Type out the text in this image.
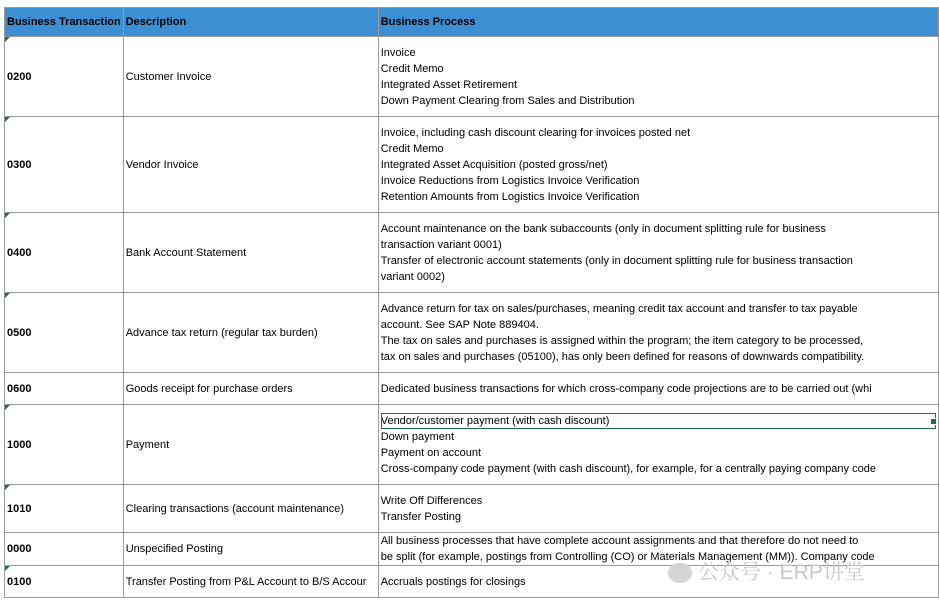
Business Transaction	Description	Business Process

0200	Customer Invoice	Invoice
Credit Memo
Integrated Asset Retirement
Down Payment Clearing from Sales and Distribution

0300	Vendor Invoice	Invoice, including cash discount clearing for invoices posted net
Credit Memo
Integrated Asset Acquisition (posted gross/net)
Invoice Reductions from Logistics Invoice Verification
Retention Amounts from Logistics Invoice Verification

0400	Bank Account Statement	Account maintenance on the bank subaccounts (only in document splitting rule for business
transaction variant 0001)
Transfer of electronic account statements (only in document splitting rule for business transaction
variant 0002)

0500	Advance tax return (regular tax burden)	Advance return for tax on sales/purchases, meaning credit tax account and transfer to tax payable
account. See SAP Note 889404.
The tax on sales and purchases is assigned within the program; the item category to be processed,
tax on sales and purchases (05100), has only been defined for reasons of downwards compatibility.

0600	Goods receipt for purchase orders	Dedicated business transactions for which cross-company code projections are to be carried out (whi

1000	Payment	Vendor/customer payment (with cash discount)
Down payment
Payment on account
Cross-company code payment (with cash discount), for example, for a centrally paying company code

1010	Clearing transactions (account maintenance)	Write Off Differences
Transfer Posting

0000	Unspecified Posting	All business processes that have complete account assignments and that therefore do not need to
be split (for example, postings from Controlling (CO) or Materials Management (MM)). Company code

0100	Transfer Posting from P&L Account to B/S Accour	Accruals postings for closings	公众号 · ERP讲堂
